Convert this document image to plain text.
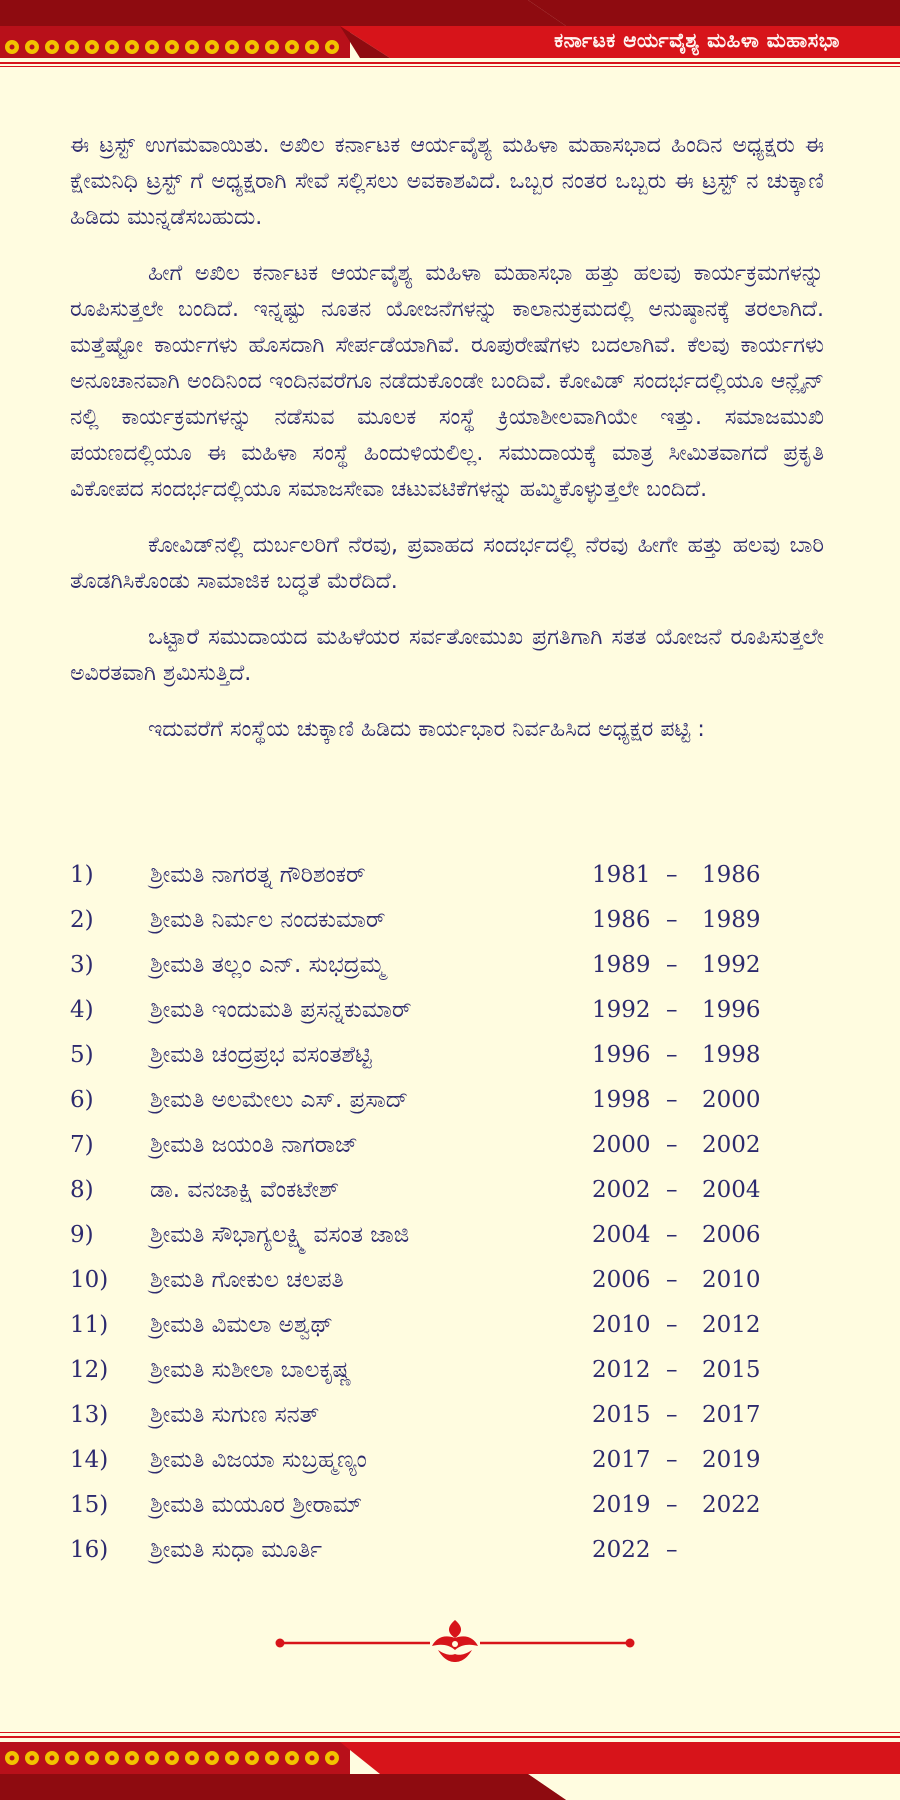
ಕರ್ನಾಟಕ ಆರ್ಯವೈಶ್ಯ ಮಹಿಳಾ ಮಹಾಸಭಾ

ಈ ಟ್ರಸ್ಟ್ ಉಗಮವಾಯಿತು. ಅಖಿಲ ಕರ್ನಾಟಕ ಆರ್ಯವೈಶ್ಯ ಮಹಿಳಾ ಮಹಾಸಭಾದ ಹಿಂದಿನ ಅಧ್ಯಕ್ಷರು ಈ ಕ್ಷೇಮನಿಧಿ ಟ್ರಸ್ಟ್ ಗೆ ಅಧ್ಯಕ್ಷರಾಗಿ ಸೇವೆ ಸಲ್ಲಿಸಲು ಅವಕಾಶವಿದೆ. ಒಬ್ಬರ ನಂತರ ಒಬ್ಬರು ಈ ಟ್ರಸ್ಟ್ ನ ಚುಕ್ಕಾಣಿ ಹಿಡಿದು ಮುನ್ನಡೆಸಬಹುದು.

ಹೀಗೆ ಅಖಿಲ ಕರ್ನಾಟಕ ಆರ್ಯವೈಶ್ಯ ಮಹಿಳಾ ಮಹಾಸಭಾ ಹತ್ತು ಹಲವು ಕಾರ್ಯಕ್ರಮಗಳನ್ನು ರೂಪಿಸುತ್ತಲೇ ಬಂದಿದೆ. ಇನ್ನಷ್ಟು ನೂತನ ಯೋಜನೆಗಳನ್ನು ಕಾಲಾನುಕ್ರಮದಲ್ಲಿ ಅನುಷ್ಠಾನಕ್ಕೆ ತರಲಾಗಿದೆ. ಮತ್ತೆಷ್ಟೋ ಕಾರ್ಯಗಳು ಹೊಸದಾಗಿ ಸೇರ್ಪಡೆಯಾಗಿವೆ. ರೂಪುರೇಷೆಗಳು ಬದಲಾಗಿವೆ. ಕೆಲವು ಕಾರ್ಯಗಳು ಅನೂಚಾನವಾಗಿ ಅಂದಿನಿಂದ ಇಂದಿನವರೆಗೂ ನಡೆದುಕೊಂಡೇ ಬಂದಿವೆ. ಕೋವಿಡ್ ಸಂದರ್ಭದಲ್ಲಿಯೂ ಆನ್ಲೈನ್ ನಲ್ಲಿ ಕಾರ್ಯಕ್ರಮಗಳನ್ನು ನಡೆಸುವ ಮೂಲಕ ಸಂಸ್ಥೆ ಕ್ರಿಯಾಶೀಲವಾಗಿಯೇ ಇತ್ತು. ಸಮಾಜಮುಖಿ ಪಯಣದಲ್ಲಿಯೂ ಈ ಮಹಿಳಾ ಸಂಸ್ಥೆ ಹಿಂದುಳಿಯಲಿಲ್ಲ. ಸಮುದಾಯಕ್ಕೆ ಮಾತ್ರ ಸೀಮಿತವಾಗದೆ ಪ್ರಕೃತಿ ವಿಕೋಪದ ಸಂದರ್ಭದಲ್ಲಿಯೂ ಸಮಾಜಸೇವಾ ಚಟುವಟಿಕೆಗಳನ್ನು ಹಮ್ಮಿಕೊಳ್ಳುತ್ತಲೇ ಬಂದಿದೆ.

ಕೋವಿಡ್‌ನಲ್ಲಿ ದುರ್ಬಲರಿಗೆ ನೆರವು, ಪ್ರವಾಹದ ಸಂದರ್ಭದಲ್ಲಿ ನೆರವು ಹೀಗೇ ಹತ್ತು ಹಲವು ಬಾರಿ ತೊಡಗಿಸಿಕೊಂಡು ಸಾಮಾಜಿಕ ಬದ್ಧತೆ ಮೆರೆದಿದೆ.

ಒಟ್ಟಾರೆ ಸಮುದಾಯದ ಮಹಿಳೆಯರ ಸರ್ವತೋಮುಖ ಪ್ರಗತಿಗಾಗಿ ಸತತ ಯೋಜನೆ ರೂಪಿಸುತ್ತಲೇ ಅವಿರತವಾಗಿ ಶ್ರಮಿಸುತ್ತಿದೆ.

ಇದುವರೆಗೆ ಸಂಸ್ಥೆಯ ಚುಕ್ಕಾಣಿ ಹಿಡಿದು ಕಾರ್ಯಭಾರ ನಿರ್ವಹಿಸಿದ ಅಧ್ಯಕ್ಷರ ಪಟ್ಟಿ :

1) ಶ್ರೀಮತಿ ನಾಗರತ್ನ ಗೌರಿಶಂಕರ್	1981 – 1986
2) ಶ್ರೀಮತಿ ನಿರ್ಮಲ ನಂದಕುಮಾರ್	1986 – 1989
3) ಶ್ರೀಮತಿ ತಲ್ಲಂ ಎನ್. ಸುಭದ್ರಮ್ಮ	1989 – 1992
4) ಶ್ರೀಮತಿ ಇಂದುಮತಿ ಪ್ರಸನ್ನಕುಮಾರ್	1992 – 1996
5) ಶ್ರೀಮತಿ ಚಂದ್ರಪ್ರಭ ವಸಂತಶೆಟ್ಟಿ	1996 – 1998
6) ಶ್ರೀಮತಿ ಅಲಮೇಲು ಎಸ್. ಪ್ರಸಾದ್	1998 – 2000
7) ಶ್ರೀಮತಿ ಜಯಂತಿ ನಾಗರಾಜ್	2000 – 2002
8) ಡಾ. ವನಜಾಕ್ಷಿ ವೆಂಕಟೇಶ್	2002 – 2004
9) ಶ್ರೀಮತಿ ಸೌಭಾಗ್ಯಲಕ್ಷ್ಮಿ ವಸಂತ ಜಾಜಿ	2004 – 2006
10) ಶ್ರೀಮತಿ ಗೋಕುಲ ಚಲಪತಿ	2006 – 2010
11) ಶ್ರೀಮತಿ ವಿಮಲಾ ಅಶ್ವಥ್	2010 – 2012
12) ಶ್ರೀಮತಿ ಸುಶೀಲಾ ಬಾಲಕೃಷ್ಣ	2012 – 2015
13) ಶ್ರೀಮತಿ ಸುಗುಣ ಸನತ್	2015 – 2017
14) ಶ್ರೀಮತಿ ವಿಜಯಾ ಸುಬ್ರಹ್ಮಣ್ಯಂ	2017 – 2019
15) ಶ್ರೀಮತಿ ಮಯೂರ ಶ್ರೀರಾಮ್	2019 – 2022
16) ಶ್ರೀಮತಿ ಸುಧಾ ಮೂರ್ತಿ	2022 –
